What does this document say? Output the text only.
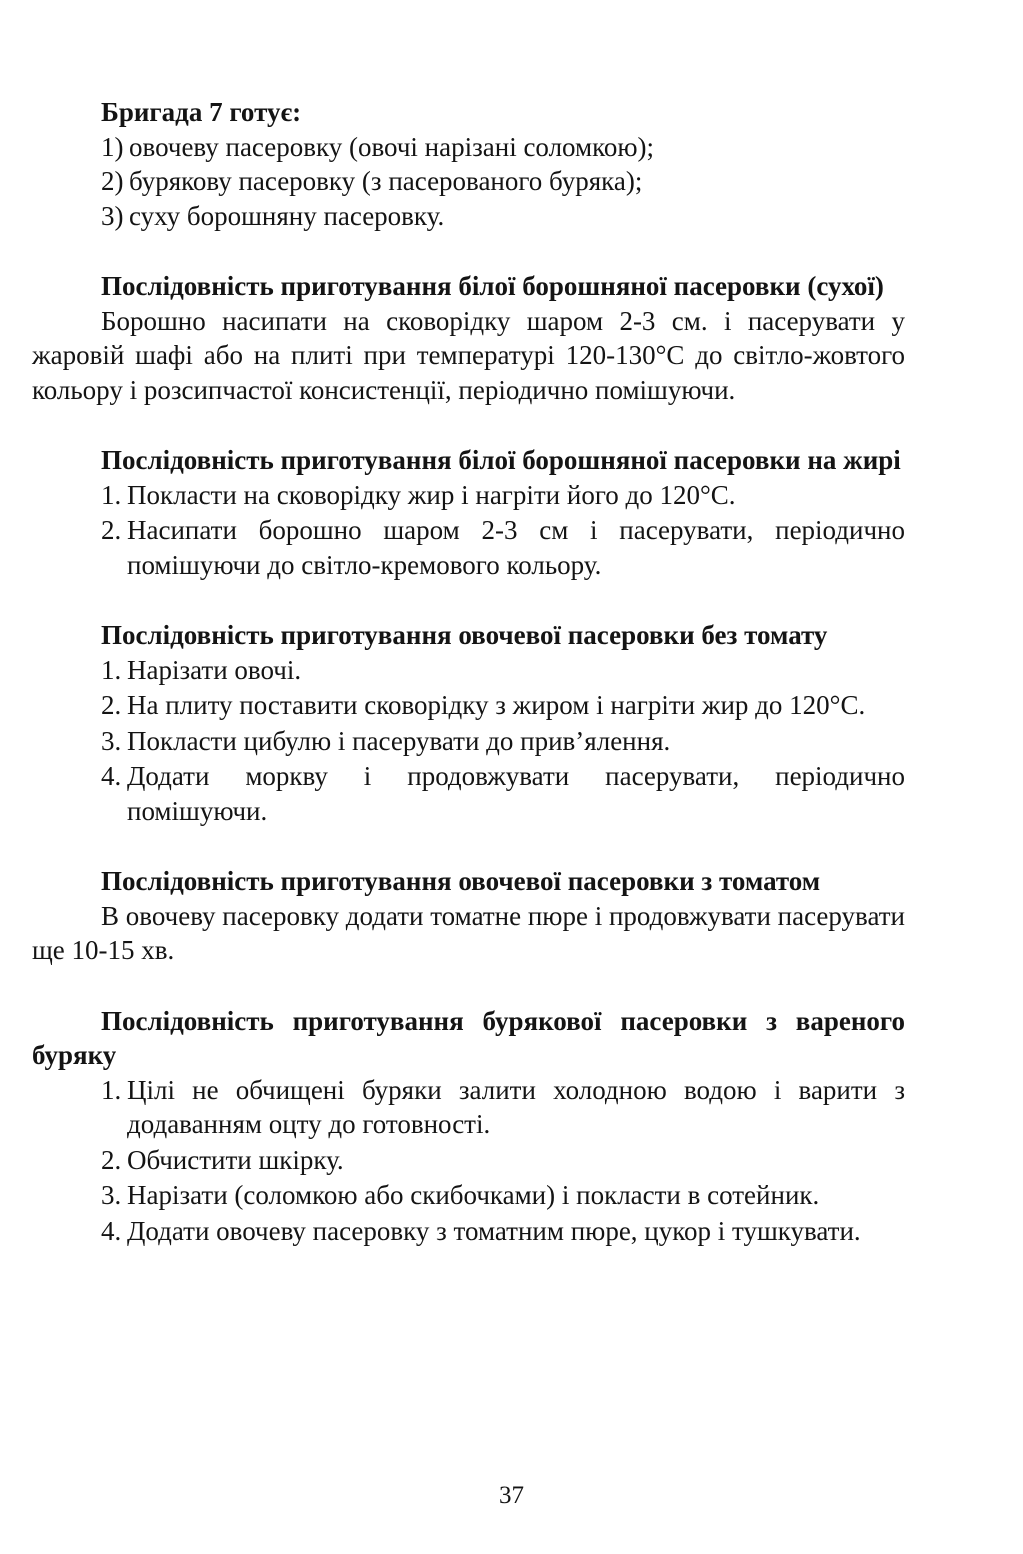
Бригада 7 готує:
1) овочеву пасеровку (овочі нарізані соломкою);
2) бурякову пасеровку (з пасерованого буряка);
3) суху борошняну пасеровку.

Послідовність приготування білої борошняної пасеровки (сухої)

Борошно насипати на сковорідку шаром 2-3 см. і пасерувати у жаровій шафі або на плиті при температурі 120-130°С до світло-жовтого кольору і розсипчастої консистенції, періодично помішуючи.

Послідовність приготування білої борошняної пасеровки на жирі

1. Покласти на сковорідку жир і нагріти його до 120°С.
2. Насипати борошно шаром 2-3 см і пасерувати, періодично помішуючи до світло-кремового кольору.

Послідовність приготування овочевої пасеровки без томату

1. Нарізати овочі.
2. На плиту поставити сковорідку з жиром і нагріти жир до 120°С.
3. Покласти цибулю і пасерувати до прив’ялення.
4. Додати моркву і продовжувати пасерувати, періодично помішуючи.

Послідовність приготування овочевої пасеровки з томатом

В овочеву пасеровку додати томатне пюре і продовжувати пасерувати ще 10-15 хв.

Послідовність приготування бурякової пасеровки з вареного буряку

1. Цілі не обчищені буряки залити холодною водою і варити з додаванням оцту до готовності.
2. Обчистити шкірку.
3. Нарізати (соломкою або скибочками) і покласти в сотейник.
4. Додати овочеву пасеровку з томатним пюре, цукор і тушкувати.
37
